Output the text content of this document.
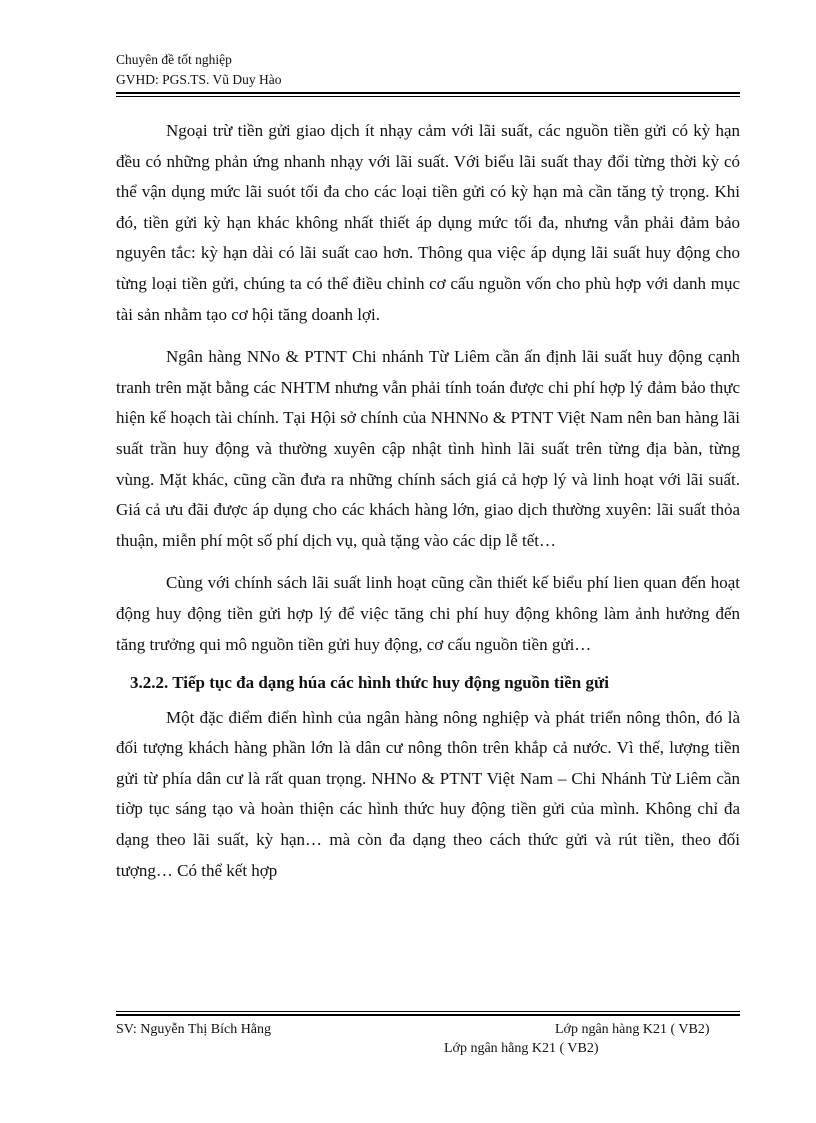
Chuyên đề tốt nghiệp
GVHD: PGS.TS. Vũ Duy Hào

Ngoại trừ tiền gửi giao dịch ít nhạy cảm với lãi suất, các nguồn tiền gửi có kỳ hạn đều có những phản ứng nhanh nhạy với lãi suất. Với biểu lãi suất thay đổi từng thời kỳ có thể vận dụng mức lãi suót tối đa cho các loại tiền gửi có kỳ hạn mà cần tăng tỷ trọng. Khi đó, tiền gửi kỳ hạn khác không nhất thiết áp dụng mức tối đa, nhưng vẫn phải đảm bảo nguyên tắc: kỳ hạn dài có lãi suất cao hơn. Thông qua việc áp dụng lãi suất huy động cho từng loại tiền gửi, chúng ta có thể điều chỉnh cơ cấu nguồn vốn cho phù hợp với danh mục tài sản nhằm tạo cơ hội tăng doanh lợi.

Ngân hàng NNo & PTNT Chi nhánh Từ Liêm cần ấn định lãi suất huy động cạnh tranh trên mặt bằng các NHTM nhưng vẫn phải tính toán được chi phí hợp lý đảm bảo thực hiện kế hoạch tài chính. Tại Hội sở chính của NHNNo & PTNT Việt Nam nên ban hàng lãi suất trần huy động và thường xuyên cập nhật tình hình lãi suất trên từng địa bàn, từng vùng. Mặt khác, cũng cần đưa ra những chính sách giá cả hợp lý và linh hoạt với lãi suất. Giá cả ưu đãi được áp dụng cho các khách hàng lớn, giao dịch thường xuyên: lãi suất thỏa thuận, miễn phí một số phí dịch vụ, quà tặng vào các dịp lễ tết…

Cùng với chính sách lãi suất linh hoạt cũng cần thiết kế biểu phí lien quan đến hoạt động huy động tiền gửi hợp lý để việc tăng chi phí huy động không làm ảnh hưởng đến tăng trưởng qui mô nguồn tiền gửi huy động, cơ cấu nguồn tiền gửi…

3.2.2. Tiếp tục đa dạng húa các hình thức huy động nguồn tiền gửi

Một đặc điểm điển hình của ngân hàng nông nghiệp và phát triển nông thôn, đó là đối tượng khách hàng phần lớn là dân cư nông thôn trên khắp cả nước. Vì thế, lượng tiền gửi từ phía dân cư là rất quan trọng. NHNo & PTNT Việt Nam – Chi Nhánh Từ Liêm cần tiờp tục sáng tạo và hoàn thiện các hình thức huy động tiền gửi của mình. Không chỉ đa dạng theo lãi suất, kỳ hạn… mà còn đa dạng theo cách thức gửi và rút tiền, theo đối tượng… Có thể kết hợp

SV: Nguyễn Thị Bích Hằng	Lớp ngân hàng K21 ( VB2)
Lớp ngân hằng K21 ( VB2)
